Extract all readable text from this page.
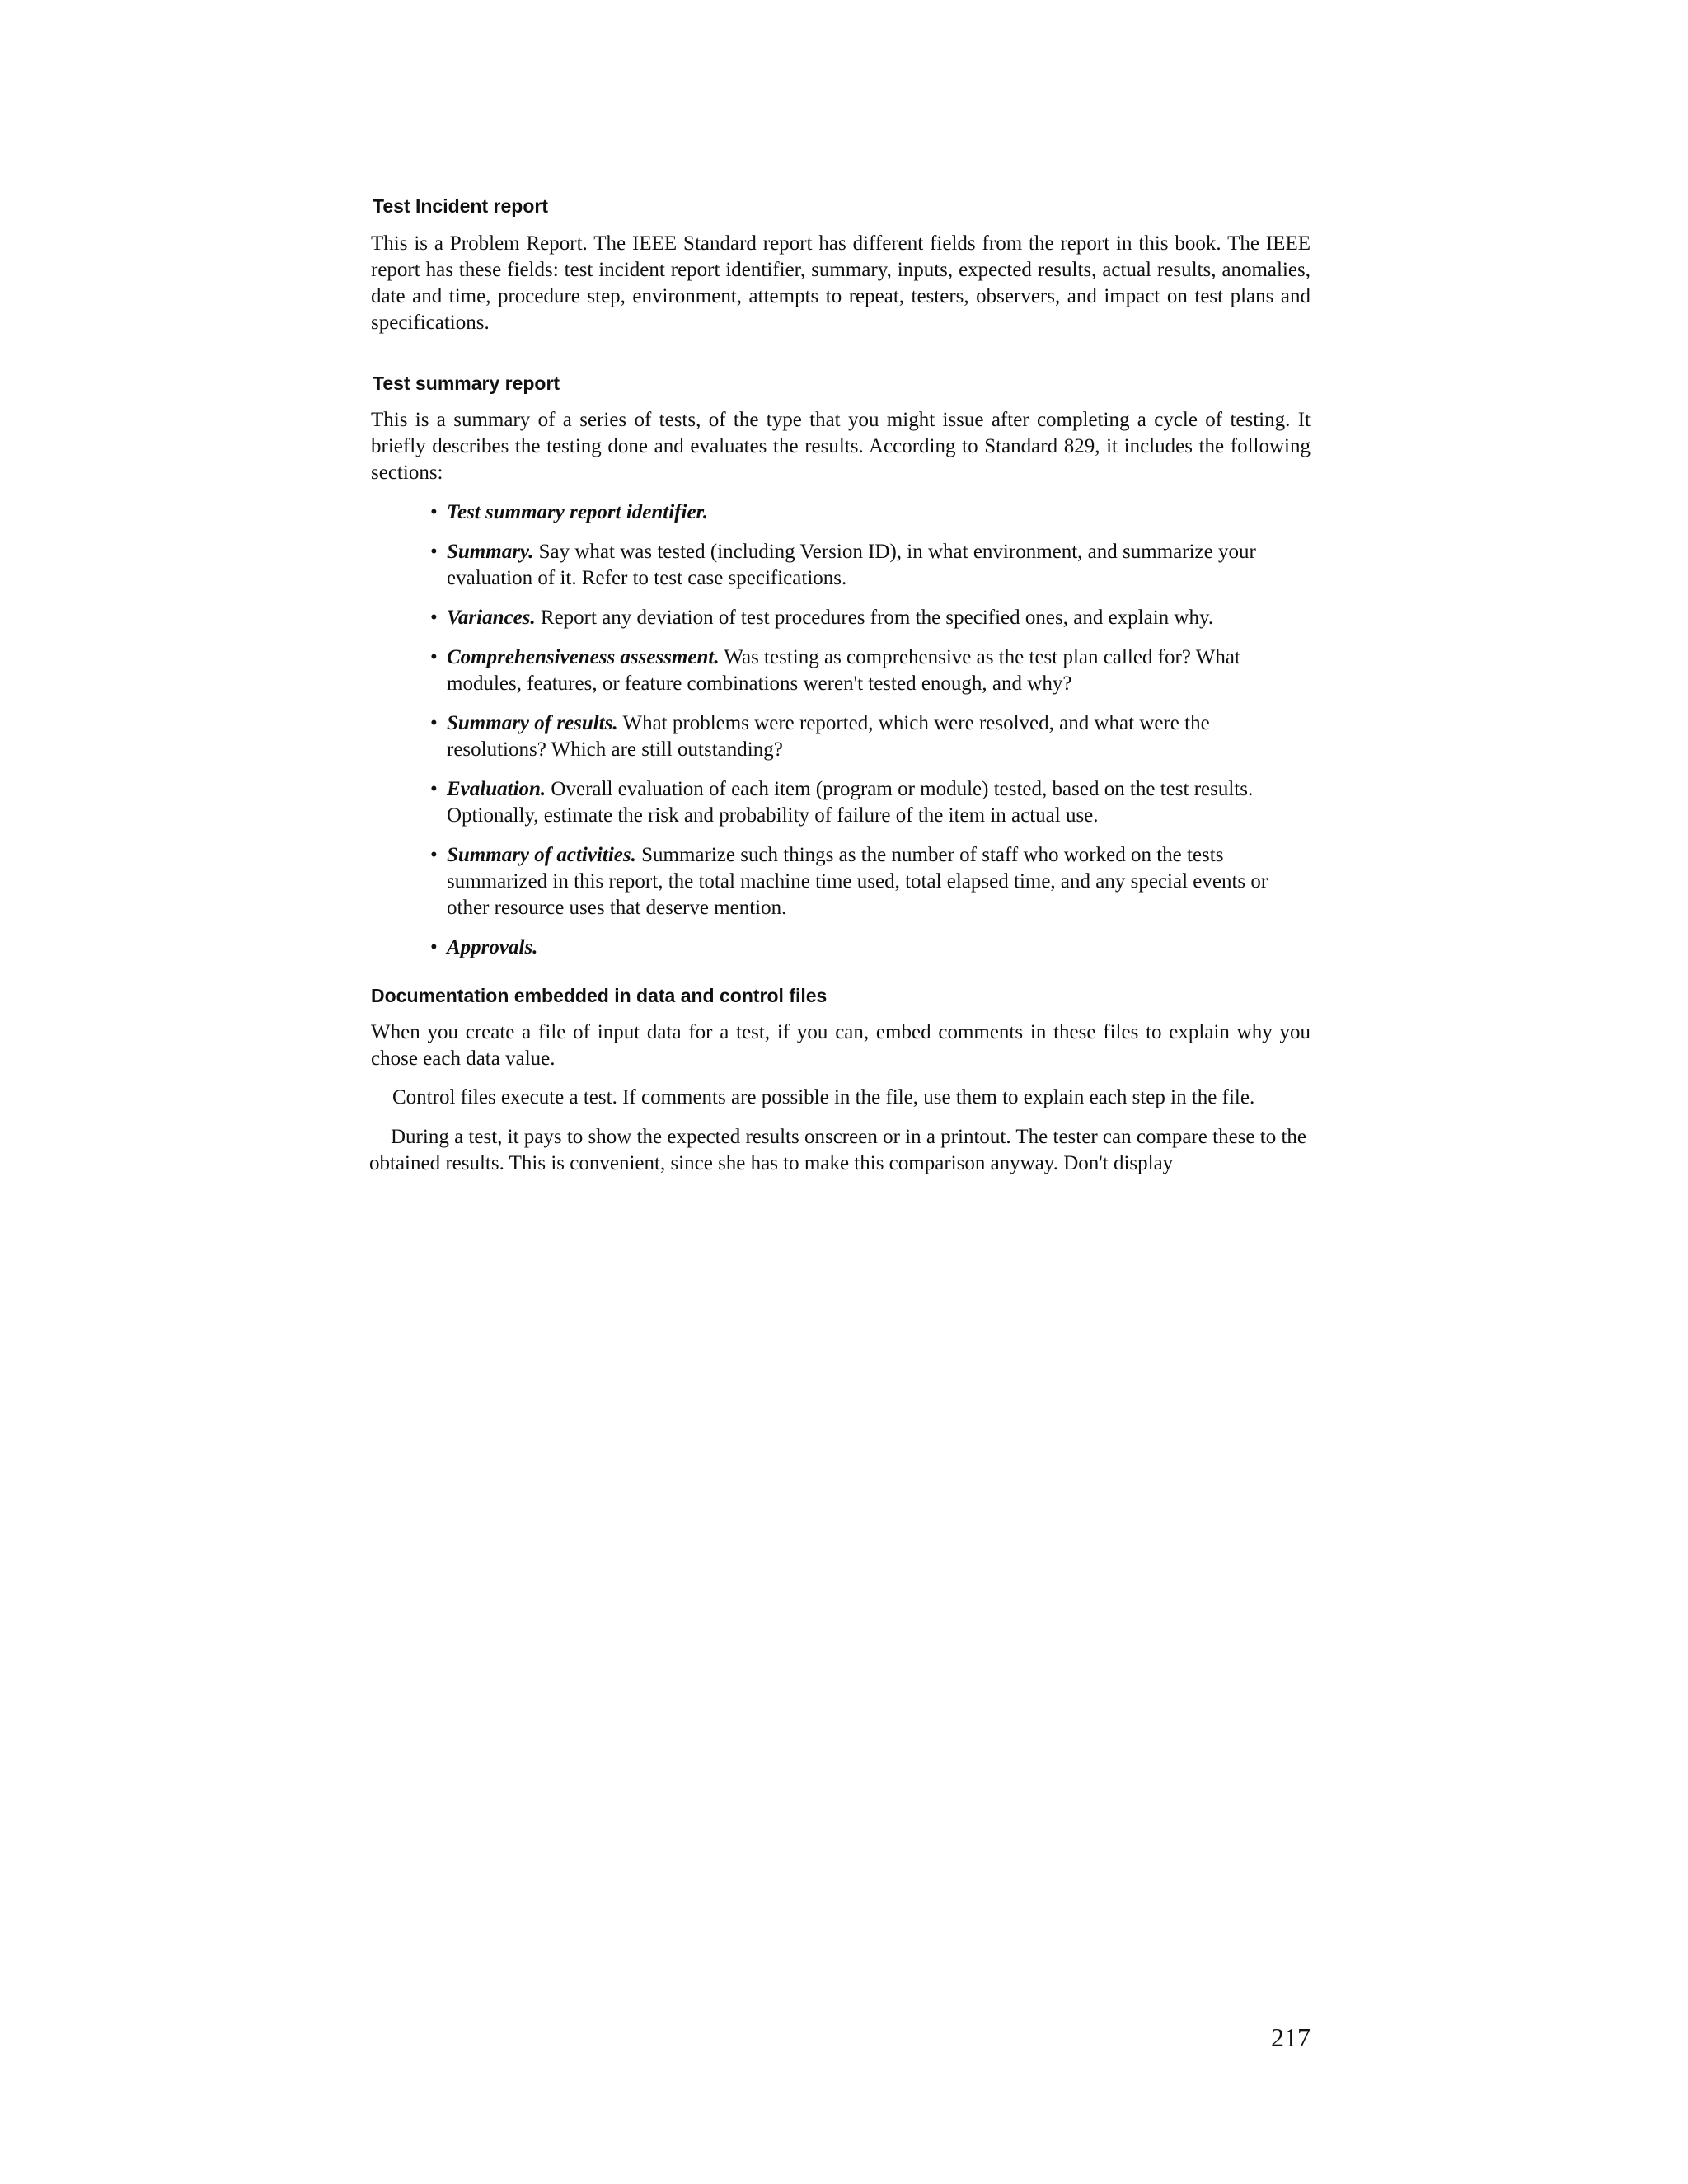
Test Incident report

This is a Problem Report. The IEEE Standard report has different fields from the report in this book. The IEEE report has these fields: test incident report identifier, summary, inputs, expected results, actual results, anomalies, date and time, procedure step, environment, attempts to repeat, testers, observers, and impact on test plans and specifications.

Test summary report

This is a summary of a series of tests, of the type that you might issue after completing a cycle of testing. It briefly describes the testing done and evaluates the results. According to Standard 829, it includes the following sections:

• Test summary report identifier.
• Summary. Say what was tested (including Version ID), in what environment, and summarize your evaluation of it. Refer to test case specifications.
• Variances. Report any deviation of test procedures from the specified ones, and explain why.
• Comprehensiveness assessment. Was testing as comprehensive as the test plan called for? What modules, features, or feature combinations weren't tested enough, and why?
• Summary of results. What problems were reported, which were resolved, and what were the resolutions? Which are still outstanding?
• Evaluation. Overall evaluation of each item (program or module) tested, based on the test results. Optionally, estimate the risk and probability of failure of the item in actual use.
• Summary of activities. Summarize such things as the number of staff who worked on the tests summarized in this report, the total machine time used, total elapsed time, and any special events or other resource uses that deserve mention.
• Approvals.
Documentation embedded in data and control files

When you create a file of input data for a test, if you can, embed comments in these files to explain why you chose each data value.

Control files execute a test. If comments are possible in the file, use them to explain each step in the file.

During a test, it pays to show the expected results onscreen or in a printout. The tester can compare these to the obtained results. This is convenient, since she has to make this comparison anyway. Don't display

217
